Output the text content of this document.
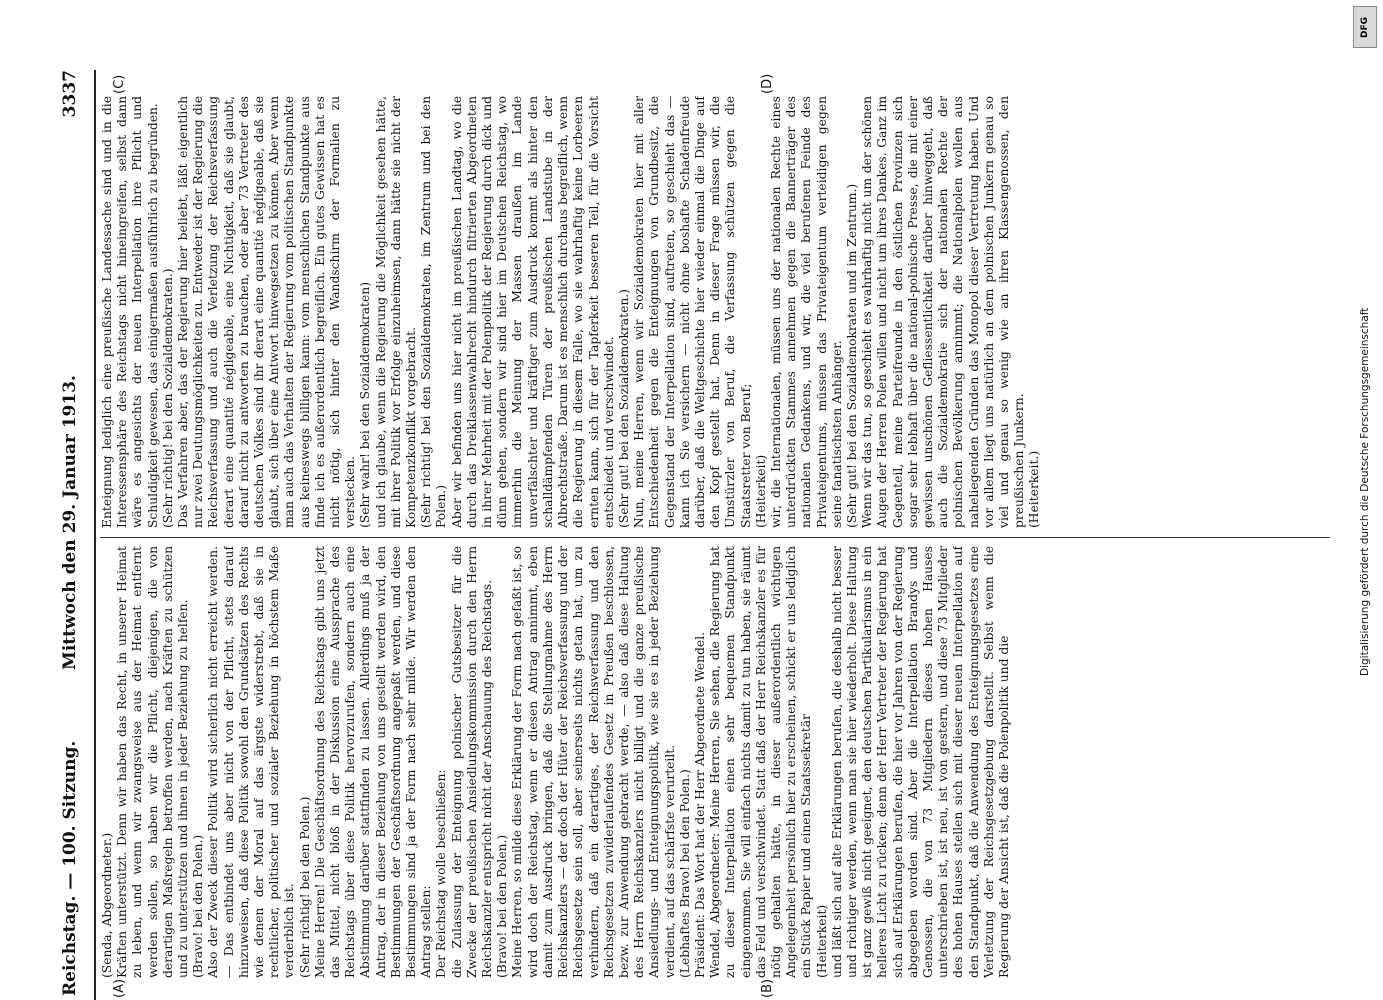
Reichstag. — 100. Sitzung.
Mittwoch den 29. Januar 1913.
3337
(Senda, Abgeordneter.)
Kräften unterstützt. Denn wir haben das Recht, in unserer Heimat zu leben, und wenn wir zwangsweise aus der Heimat entfernt werden sollen, so haben wir die Pflicht, diejenigen, die von derartigen Maßregeln betroffen werden, nach Kräften zu schützen und zu unterstützen und ihnen in jeder Beziehung zu helfen.
(Bravo! bei den Polen.)
Also der Zweck dieser Politik wird sicherlich nicht erreicht werden. — Das entbindet uns aber nicht von der Pflicht, stets darauf hinzuweisen, daß diese Politik sowohl den Grundsätzen des Rechts wie denen der Moral auf das ärgste widerstrebt, daß sie in rechtlicher, politischer und sozialer Beziehung in höchstem Maße verderblich ist.
(Sehr richtig! bei den Polen.)
Meine Herren! Die Geschäftsordnung des Reichstags gibt uns jetzt das Mittel, nicht bloß in der Diskussion eine Aussprache des Reichstags über diese Politik hervorzurufen, sondern auch eine Abstimmung darüber stattfinden zu lassen. Allerdings muß ja der Antrag, der in dieser Beziehung von uns gestellt werden wird, den Bestimmungen der Geschäftsordnung angepaßt werden, und diese Bestimmungen sind ja der Form nach sehr milde. Wir werden den Antrag stellen:
Der Reichstag wolle beschließen:
die Zulassung der Enteignung polnischer Gutsbesitzer für die Zwecke der preußischen Ansiedlungskommission durch den Herrn Reichskanzler entspricht nicht der Anschauung des Reichstags.
(Bravo! bei den Polen.)
Meine Herren, so milde diese Erklärung der Form nach gefaßt ist, so wird doch der Reichstag, wenn er diesen Antrag annimmt, eben damit zum Ausdruck bringen, daß die Stellungnahme des Herrn Reichskanzlers — der doch der Hüter der Reichsverfassung und der Reichsgesetze sein soll, aber seinerseits nichts getan hat, um zu verhindern, daß ein derartiges, der Reichsverfassung und den Reichsgesetzen zuwiderlaufendes Gesetz in Preußen beschlossen, bezw. zur Anwendung gebracht werde, — also daß diese Haltung des Herrn Reichskanzlers nicht billigt und die ganze preußische Ansiedlungs- und Enteignungspolitik, wie sie es in jeder Beziehung verdient, auf das schärfste verurteilt.
(Lebhaftes Bravo! bei den Polen.)
Präsident: Das Wort hat der Herr Abgeordnete Wendel.
Wendel, Abgeordneter: Meine Herren, Sie sehen, die Regierung hat zu dieser Interpellation einen sehr bequemen Standpunkt eingenommen. Sie will einfach nichts damit zu tun haben, sie räumt das Feld und verschwindet. Statt daß der Herr Reichskanzler es für nötig gehalten hätte, in dieser außerordentlich wichtigen Angelegenheit persönlich hier zu erscheinen, schickt er uns lediglich ein Stück Papier und einen Staatssekretär
(Heiterkeit)
und läßt sich auf alte Erklärungen berufen, die deshalb nicht besser und richtiger werden, wenn man sie hier wiederholt. Diese Haltung ist ganz gewiß nicht geeignet, den deutschen Partikularismus in ein helleres Licht zu rücken; denn der Herr Vertreter der Regierung hat sich auf Erklärungen berufen, die hier vor Jahren von der Regierung abgegeben worden sind. Aber die Interpellation Brandys und Genossen, die von 73 Mitgliedern dieses hohen Hauses unterschrieben ist, ist neu, ist von gestern, und diese 73 Mitglieder des hohen Hauses stellen sich mit dieser neuen Interpellation auf den Standpunkt, daß die Anwendung des Enteignungsgesetzes eine Verletzung der Reichsgesetzgebung darstellt. Selbst wenn die Regierung der Ansicht ist, daß die Polenpolitik und die
Enteignung lediglich eine preußische Landessache sind und in die Interessensphäre des Reichstags nicht hineingreifen, selbst dann wäre es angesichts der neuen Interpellation ihre Pflicht und Schuldigkeit gewesen, das einigermaßen ausführlich zu begründen.
(Sehr richtig! bei den Sozialdemokraten.)
Das Verfahren aber, das der Regierung hier beliebt, läßt eigentlich nur zwei Deutungsmöglichkeiten zu. Entweder ist der Regierung die Reichsverfassung und auch die Verletzung der Reichsverfassung derart eine quantité négligeable, eine Nichtigkeit, daß sie glaubt, darauf nicht zu antworten zu brauchen, oder aber 73 Vertreter des deutschen Volkes sind ihr derart eine quantité négligeable, daß sie glaubt, sich über eine Antwort hinwegsetzen zu können. Aber wenn man auch das Verhalten der Regierung vom politischen Standpunkte aus keineswegs billigen kann: vom menschlichen Standpunkte aus finde ich es außerordentlich begreiflich. Ein gutes Gewissen hat es nicht nötig, sich hinter den Wandschirm der Formalien zu verstecken.
(Sehr wahr! bei den Sozialdemokraten)
und ich glaube, wenn die Regierung die Möglichkeit gesehen hätte, mit ihrer Politik vor Erfolge einzuheimsen, dann hätte sie nicht der Kompetenzkonflikt vorgebracht.
(Sehr richtig! bei den Sozialdemokraten, im Zentrum und bei den Polen.)
Aber wir befinden uns hier nicht im preußischen Landtag, wo die durch das Dreiklassenwahlrecht hindurch filtrierten Abgeordneten in ihrer Mehrheit mit der Polenpolitik der Regierung durch dick und dünn gehen, sondern wir sind hier im Deutschen Reichstag, wo immerhin die Meinung der Massen draußen im Lande unverfälschter und kräftiger zum Ausdruck kommt als hinter den schalldämpfenden Türen der preußischen Landstube in der Albrechtstraße. Darum ist es menschlich durchaus begreiflich, wenn die Regierung in diesem Falle, wo sie wahrhaftig keine Lorbeeren ernten kann, sich für der Tapferkeit besseren Teil, für die Vorsicht entschiedet und verschwindet.
(Sehr gut! bei den Sozialdemokraten.)
Nun, meine Herren, wenn wir Sozialdemokraten hier mit aller Entschiedenheit gegen die Enteignungen von Grundbesitz, die Gegenstand der Interpellation sind, auftreten, so geschieht das — kann ich Sie versichern — nicht ohne boshafte Schadenfreude darüber, daß die Weltgeschichte hier wieder einmal die Dinge auf den Kopf gestellt hat. Denn in dieser Frage müssen wir, die Umstürzler von Beruf, die Verfassung schützen gegen die Staatsretter von Beruf;
(Heiterkeit)
wir, die Internationalen, müssen uns der nationalen Rechte eines unterdrückten Stammes annehmen gegen die Bannerträger des nationalen Gedankens, und wir, die viel berufenen Feinde des Privateigentums, müssen das Privateigentum verteidigen gegen seine fanatischsten Anhänger.
(Sehr gut! bei den Sozialdemokraten und im Zentrum.)
Wenn wir das tun, so geschieht es wahrhaftig nicht um der schönen Augen der Herren Polen willen und nicht um ihres Dankes. Ganz im Gegenteil, meine Parteifreunde in den östlichen Provinzen sich sogar sehr lebhaft über die national-polnische Presse, die mit einer gewissen unschönen Gefliessentlichkeit darüber hinweggeht, daß auch die Sozialdemokratie sich der nationalen Rechte der polnischen Bevölkerung annimmt; die Nationalpolen wollen aus naheliegenden Gründen das Monopol dieser Vertretung haben. Und vor allem liegt uns natürlich an dem polnischen Junkern genau so viel und genau so wenig wie an ihren Klassengenossen, den preußischen Junkern.
(Heiterkeit.)
(A)	(B)
(C)	(D)
DFG
Digitalisierung gefördert durch die Deutsche Forschungsgemeinschaft
